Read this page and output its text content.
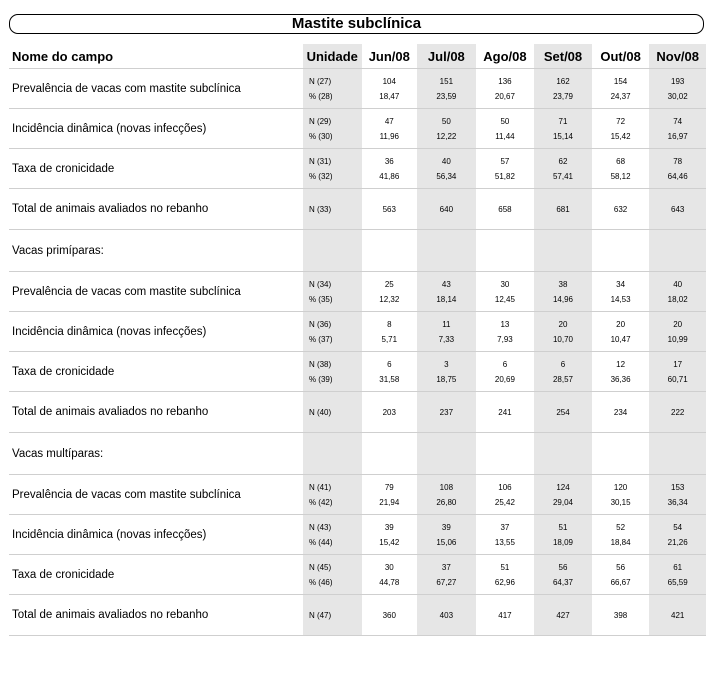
Mastite subclínica
Nome do campo	Unidade	Jun/08	Jul/08	Ago/08	Set/08	Out/08	Nov/08
Prevalência de vacas com mastite subclínica	N (27)	104	151	136	162	154	193
	% (28)	18,47	23,59	20,67	23,79	24,37	30,02
Incidência dinâmica (novas infecções)	N (29)	47	50	50	71	72	74
	% (30)	11,96	12,22	11,44	15,14	15,42	16,97
Taxa de cronicidade	N (31)	36	40	57	62	68	78
	% (32)	41,86	56,34	51,82	57,41	58,12	64,46
Total de animais avaliados no rebanho	N (33)	563	640	658	681	632	643
Vacas primíparas:							
Prevalência de vacas com mastite subclínica	N (34)	25	43	30	38	34	40
	% (35)	12,32	18,14	12,45	14,96	14,53	18,02
Incidência dinâmica (novas infecções)	N (36)	8	11	13	20	20	20
	% (37)	5,71	7,33	7,93	10,70	10,47	10,99
Taxa de cronicidade	N (38)	6	3	6	6	12	17
	% (39)	31,58	18,75	20,69	28,57	36,36	60,71
Total de animais avaliados no rebanho	N (40)	203	237	241	254	234	222
Vacas multíparas:							
Prevalência de vacas com mastite subclínica	N (41)	79	108	106	124	120	153
	% (42)	21,94	26,80	25,42	29,04	30,15	36,34
Incidência dinâmica (novas infecções)	N (43)	39	39	37	51	52	54
	% (44)	15,42	15,06	13,55	18,09	18,84	21,26
Taxa de cronicidade	N (45)	30	37	51	56	56	61
	% (46)	44,78	67,27	62,96	64,37	66,67	65,59
Total de animais avaliados no rebanho	N (47)	360	403	417	427	398	421
